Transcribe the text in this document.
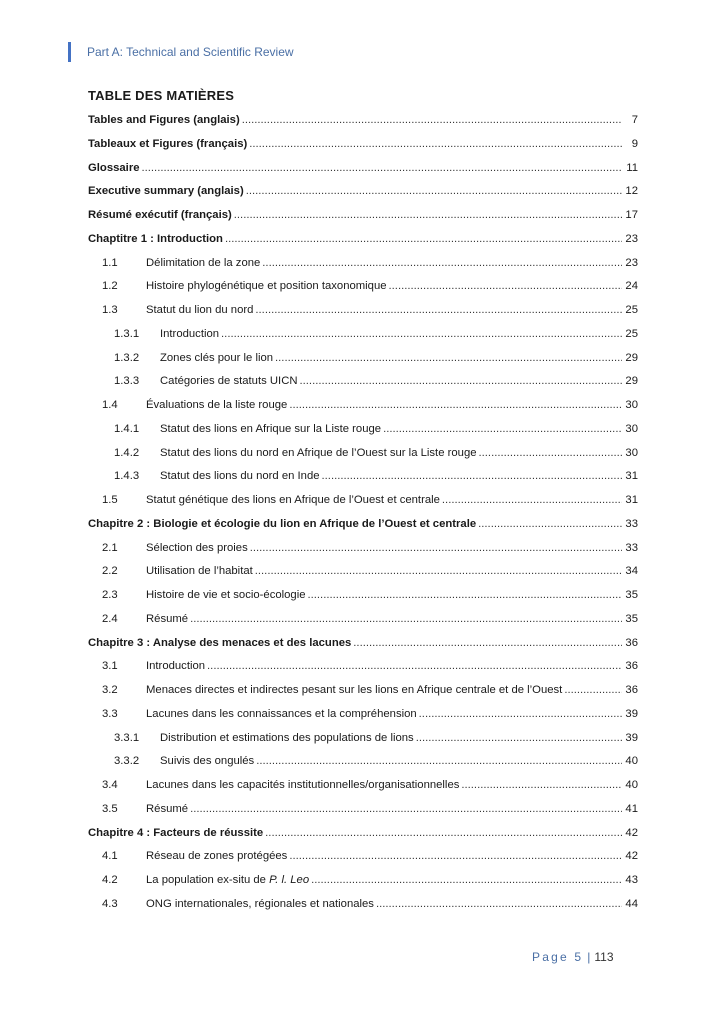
Part A: Technical and Scientific Review
TABLE DES MATIÈRES
Tables and Figures (anglais) .....	7
Tableaux et Figures (français) .....	9
Glossaire .....	11
Executive summary (anglais) .....	12
Résumé exécutif (français) .....	17
Chaptitre 1 : Introduction .....	23
1.1	Délimitation de la zone .....	23
1.2	Histoire phylogénétique et position taxonomique .....	24
1.3	Statut du lion du nord .....	25
1.3.1	Introduction .....	25
1.3.2	Zones clés pour le lion .....	29
1.3.3	Catégories de statuts UICN .....	29
1.4	Évaluations de la liste rouge .....	30
1.4.1	Statut des lions en Afrique sur la Liste rouge .....	30
1.4.2	Statut des lions du nord en Afrique de l’Ouest sur la Liste rouge .....	30
1.4.3	Statut des lions du nord en Inde .....	31
1.5	Statut génétique des lions en Afrique de l’Ouest et centrale .....	31
Chapitre 2 : Biologie et écologie du lion en Afrique de l’Ouest et centrale .....	33
2.1	Sélection des proies .....	33
2.2	Utilisation de l’habitat .....	34
2.3	Histoire de vie et socio-écologie .....	35
2.4	Résumé .....	35
Chapitre 3 : Analyse des menaces et des lacunes .....	36
3.1	Introduction .....	36
3.2	Menaces directes et indirectes pesant sur les lions en Afrique centrale et de l’Ouest .....	36
3.3	Lacunes dans les connaissances et la compréhension .....	39
3.3.1	Distribution et estimations des populations de lions .....	39
3.3.2	Suivis des ongulés .....	40
3.4	Lacunes dans les capacités institutionnelles/organisationnelles .....	40
3.5	Résumé .....	41
Chapitre 4 : Facteurs de réussite .....	42
4.1	Réseau de zones protégées .....	42
4.2	La population ex-situ de P. l. Leo .....	43
4.3	ONG internationales, régionales et nationales .....	44
Page 5 | 113
